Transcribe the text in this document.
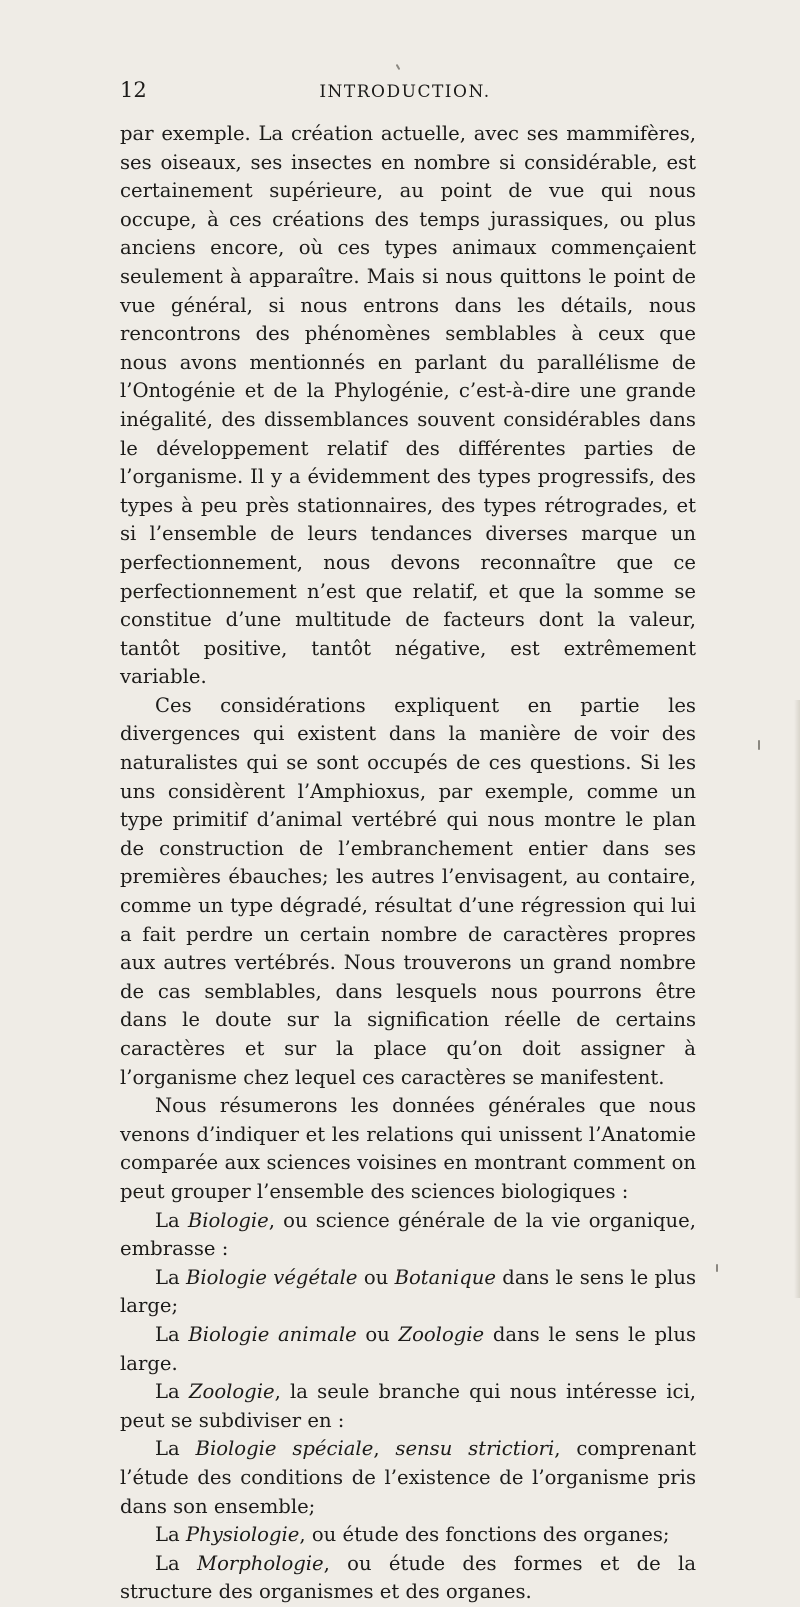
12	INTRODUCTION.

par exemple. La création actuelle, avec ses mammifères, ses oiseaux, ses insectes en nombre si considérable, est certainement supérieure, au point de vue qui nous occupe, à ces créations des temps jurassiques, ou plus anciens encore, où ces types animaux commençaient seulement à apparaître. Mais si nous quittons le point de vue général, si nous entrons dans les détails, nous rencontrons des phénomènes semblables à ceux que nous avons mentionnés en parlant du parallélisme de l’Ontogénie et de la Phylogénie, c’est-à-dire une grande inégalité, des dissemblances souvent considérables dans le développement relatif des différentes parties de l’organisme. Il y a évidemment des types progressifs, des types à peu près stationnaires, des types rétrogrades, et si l’ensemble de leurs tendances diverses marque un perfectionnement, nous devons reconnaître que ce perfectionnement n’est que relatif, et que la somme se constitue d’une multitude de facteurs dont la valeur, tantôt positive, tantôt négative, est extrêmement variable.

Ces considérations expliquent en partie les divergences qui existent dans la manière de voir des naturalistes qui se sont occupés de ces questions. Si les uns considèrent l’Amphioxus, par exemple, comme un type primitif d’animal vertébré qui nous montre le plan de construction de l’embranchement entier dans ses premières ébauches; les autres l’envisagent, au contaire, comme un type dégradé, résultat d’une régression qui lui a fait perdre un certain nombre de caractères propres aux autres vertébrés. Nous trouverons un grand nombre de cas semblables, dans lesquels nous pourrons être dans le doute sur la signification réelle de certains caractères et sur la place qu’on doit assigner à l’organisme chez lequel ces caractères se manifestent.

Nous résumerons les données générales que nous venons d’indiquer et les relations qui unissent l’Anatomie comparée aux sciences voisines en montrant comment on peut grouper l’ensemble des sciences biologiques :

La Biologie, ou science générale de la vie organique, embrasse :

La Biologie végétale ou Botanique dans le sens le plus large;

La Biologie animale ou Zoologie dans le sens le plus large.

La Zoologie, la seule branche qui nous intéresse ici, peut se subdiviser en :

La Biologie spéciale, sensu strictiori, comprenant l’étude des conditions de l’existence de l’organisme pris dans son ensemble;

La Physiologie, ou étude des fonctions des organes;

La Morphologie, ou étude des formes et de la structure des organismes et des organes.
